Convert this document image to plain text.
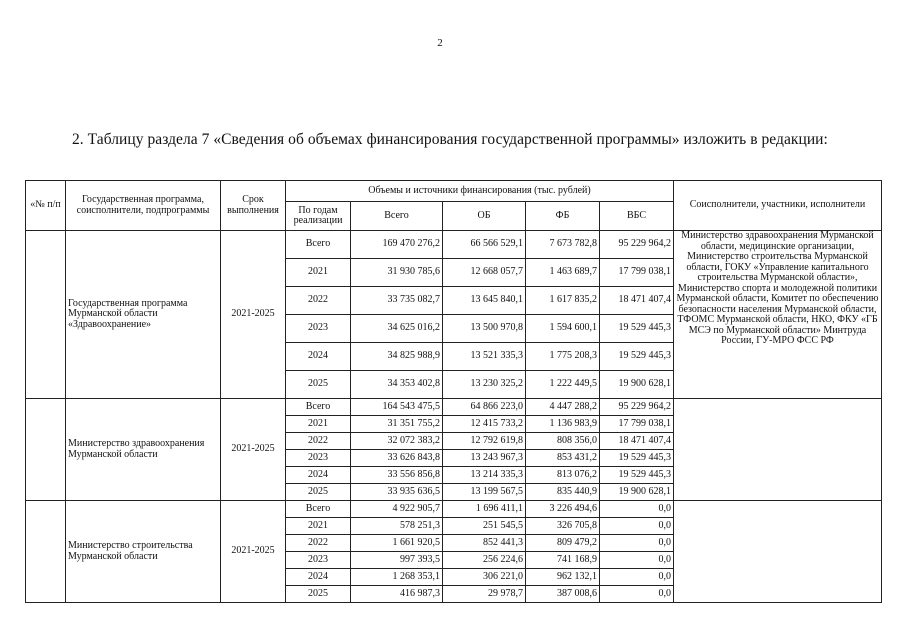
2
2. Таблицу раздела 7 «Сведения об объемах финансирования государственной программы» изложить в редакции:
«№ п/п	Государственная программа, соисполнители, подпрограммы	Срок выполнения	Объемы и источники финансирования (тыс. рублей)					Соисполнители, участники, исполнители
			По годам реализации	Всего	ОБ	ФБ	ВБС	
	Государственная программа Мурманской области «Здравоохранение»	2021-2025	Всего	169 470 276,2	66 566 529,1	7 673 782,8	95 229 964,2	Министерство здравоохранения Мурманской области, медицинские организации, Министерство строительства Мурманской области, ГОКУ «Управление капитального строительства Мурманской области», Министерство спорта и молодежной политики Мурманской области, Комитет по обеспечению безопасности населения Мурманской области, ТФОМС Мурманской области, НКО, ФКУ «ГБ МСЭ по Мурманской области» Минтруда России, ГУ-МРО ФСС РФ
			2021	31 930 785,6	12 668 057,7	1 463 689,7	17 799 038,1	
			2022	33 735 082,7	13 645 840,1	1 617 835,2	18 471 407,4	
			2023	34 625 016,2	13 500 970,8	1 594 600,1	19 529 445,3	
			2024	34 825 988,9	13 521 335,3	1 775 208,3	19 529 445,3	
			2025	34 353 402,8	13 230 325,2	1 222 449,5	19 900 628,1	
	Министерство здравоохранения Мурманской области	2021-2025	Всего	164 543 475,5	64 866 223,0	4 447 288,2	95 229 964,2	
			2021	31 351 755,2	12 415 733,2	1 136 983,9	17 799 038,1	
			2022	32 072 383,2	12 792 619,8	808 356,0	18 471 407,4	
			2023	33 626 843,8	13 243 967,3	853 431,2	19 529 445,3	
			2024	33 556 856,8	13 214 335,3	813 076,2	19 529 445,3	
			2025	33 935 636,5	13 199 567,5	835 440,9	19 900 628,1	
	Министерство строительства Мурманской области	2021-2025	Всего	4 922 905,7	1 696 411,1	3 226 494,6	0,0	
			2021	578 251,3	251 545,5	326 705,8	0,0	
			2022	1 661 920,5	852 441,3	809 479,2	0,0	
			2023	997 393,5	256 224,6	741 168,9	0,0	
			2024	1 268 353,1	306 221,0	962 132,1	0,0	
			2025	416 987,3	29 978,7	387 008,6	0,0	
